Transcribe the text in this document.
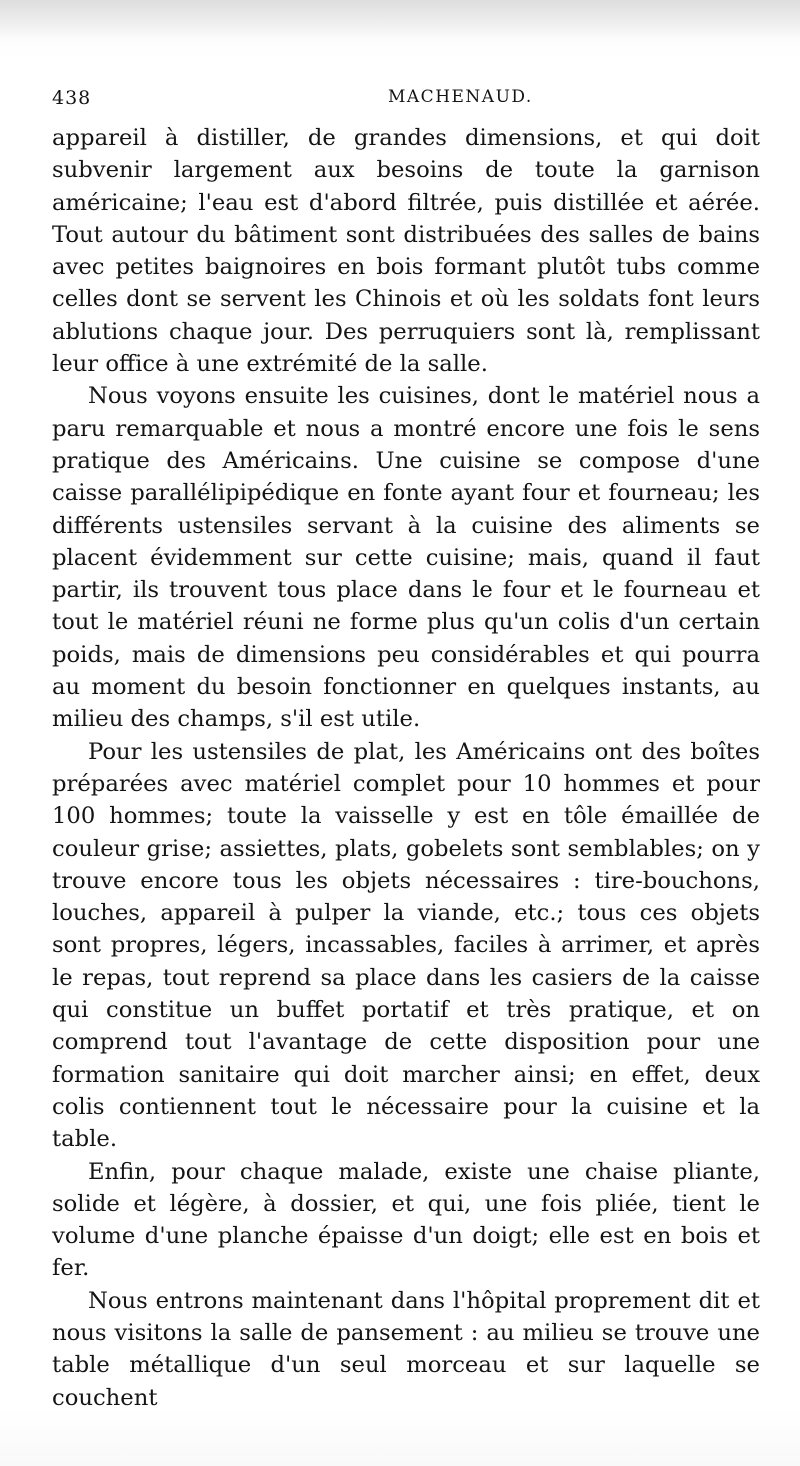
438	MACHENAUD.

appareil à distiller, de grandes dimensions, et qui doit subvenir largement aux besoins de toute la garnison américaine; l'eau est d'abord filtrée, puis distillée et aérée. Tout autour du bâtiment sont distribuées des salles de bains avec petites baignoires en bois formant plutôt tubs comme celles dont se servent les Chinois et où les soldats font leurs ablutions chaque jour. Des perruquiers sont là, remplissant leur office à une extrémité de la salle.

Nous voyons ensuite les cuisines, dont le matériel nous a paru remarquable et nous a montré encore une fois le sens pratique des Américains. Une cuisine se compose d'une caisse parallélipipédique en fonte ayant four et fourneau; les différents ustensiles servant à la cuisine des aliments se placent évidemment sur cette cuisine; mais, quand il faut partir, ils trouvent tous place dans le four et le fourneau et tout le matériel réuni ne forme plus qu'un colis d'un certain poids, mais de dimensions peu considérables et qui pourra au moment du besoin fonctionner en quelques instants, au milieu des champs, s'il est utile.

Pour les ustensiles de plat, les Américains ont des boîtes préparées avec matériel complet pour 10 hommes et pour 100 hommes; toute la vaisselle y est en tôle émaillée de couleur grise; assiettes, plats, gobelets sont semblables; on y trouve encore tous les objets nécessaires : tire-bouchons, louches, appareil à pulper la viande, etc.; tous ces objets sont propres, légers, incassables, faciles à arrimer, et après le repas, tout reprend sa place dans les casiers de la caisse qui constitue un buffet portatif et très pratique, et on comprend tout l'avantage de cette disposition pour une formation sanitaire qui doit marcher ainsi; en effet, deux colis contiennent tout le nécessaire pour la cuisine et la table.

Enfin, pour chaque malade, existe une chaise pliante, solide et légère, à dossier, et qui, une fois pliée, tient le volume d'une planche épaisse d'un doigt; elle est en bois et fer.

Nous entrons maintenant dans l'hôpital proprement dit et nous visitons la salle de pansement : au milieu se trouve une table métallique d'un seul morceau et sur laquelle se couchent
